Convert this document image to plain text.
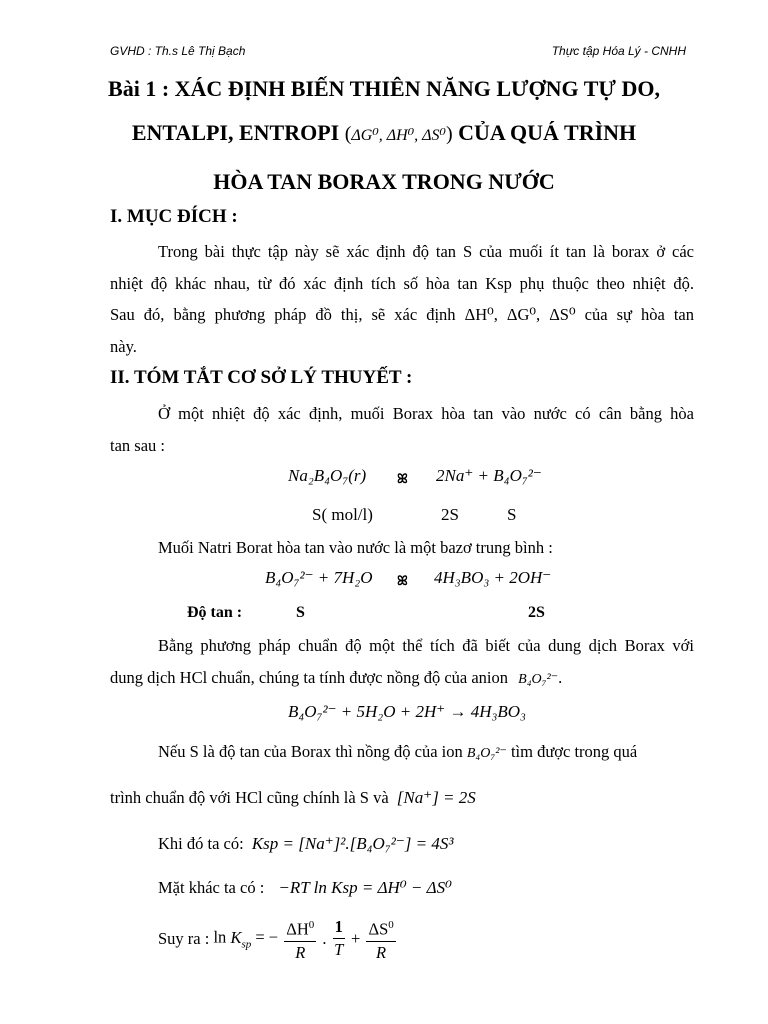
GVHD : Th.s Lê Thị Bạch	Thực tập Hóa Lý - CNHH
Bài 1 : XÁC ĐỊNH BIẾN THIÊN NĂNG LƯỢNG TỰ DO,
ENTALPI, ENTROPI (ΔG⁰, ΔH⁰, ΔS⁰) CỦA QUÁ TRÌNH
HÒA TAN BORAX TRONG NƯỚC
I. MỤC ĐÍCH :
Trong bài thực tập này sẽ xác định độ tan S của muối ít tan là borax ở các
nhiệt độ khác nhau, từ đó xác định tích số hòa tan Ksp phụ thuộc theo nhiệt độ.
Sau đó, bằng phương pháp đồ thị, sẽ xác định ΔH⁰, ΔG⁰, ΔS⁰ của sự hòa tan
này.
II. TÓM TẮT CƠ SỞ LÝ THUYẾT :
Ở một nhiệt độ xác định, muối Borax hòa tan vào nước có cân bằng hòa
tan sau :
Na₂B₄O₇(r) ꕤ 2Na⁺ + B₄O₇²⁻
S( mol/l)	2S	S
Muối Natri Borat hòa tan vào nước là một bazơ trung bình :
B₄O₇²⁻ + 7H₂O ꕤ 4H₃BO₃ + 2OH⁻
Độ tan :	S	2S
Bằng phương pháp chuẩn độ một thể tích đã biết của dung dịch Borax với
dung dịch HCl chuẩn, chúng ta tính được nồng độ của anion B₄O₇²⁻.
B₄O₇²⁻ + 5H₂O + 2H⁺ → 4H₃BO₃
Nếu S là độ tan của Borax thì nồng độ của ion B₄O₇²⁻ tìm được trong quá
trình chuẩn độ với HCl cũng chính là S và [Na⁺] = 2S
Khi đó ta có: Ksp = [Na⁺]².[B₄O₇²⁻] = 4S³
Mặt khác ta có : −RT ln Ksp = ΔH⁰ − ΔS⁰
Suy ra : $\ln K_{sp}$ = − $\frac{\Delta H^0}{R}$ . $\frac{1}{T} + \frac{\Delta S^0}{R}$
